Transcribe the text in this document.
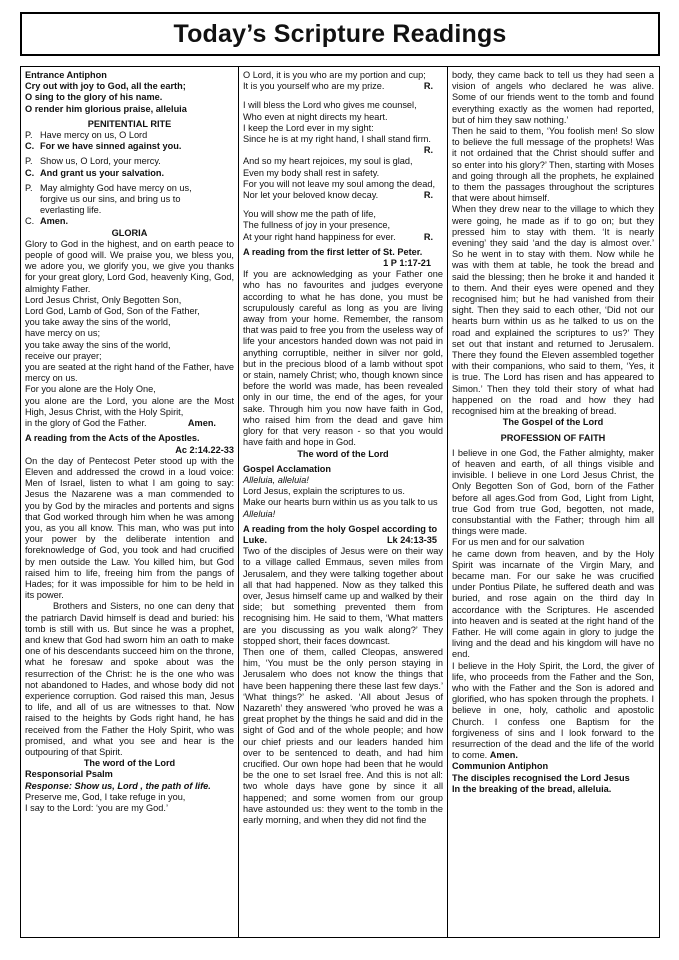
Today’s Scripture Readings

Entrance Antiphon

Cry out with joy to God, all the earth;

O sing to the glory of his name.

O render him glorious praise, alleluia

PENITENTIAL RITE

P. Have mercy on us, O Lord
C. For we have sinned against you.
P. Show us, O Lord, your mercy.
C. And grant us your salvation.
P. May almighty God have mercy on us,
forgive us our sins, and bring us to
everlasting life.
C. Amen.

GLORIA

Glory to God in the highest, and on earth peace to people of good will. We praise you, we bless you, we adore you, we glorify you, we give you thanks for your great glory, Lord God, heavenly King, God, almighty Father.

Lord Jesus Christ, Only Begotten Son,

Lord God, Lamb of God, Son of the Father,

you take away the sins of the world,

have mercy on us;

you take away the sins of the world,

receive our prayer;

you are seated at the right hand of the Father, have mercy on us.

For you alone are the Holy One,

you alone are the Lord, you alone are the Most High, Jesus Christ, with the Holy Spirit,

in the glory of God the Father.	Amen.

A reading from the Acts of the Apostles.

Ac 2:14.22-33

On the day of Pentecost Peter stood up with the Eleven and addressed the crowd in a loud voice: Men of Israel, listen to what I am going to say: Jesus the Nazarene was a man commended to you by God by the miracles and portents and signs that God worked through him when he was among you, as you all know. This man, who was put into your power by the deliberate intention and foreknowledge of God, you took and had crucified by men outside the Law. You killed him, but God raised him to life, freeing him from the pangs of Hades; for it was impossible for him to be held in its power.

Brothers and Sisters, no one can deny that the patriarch David himself is dead and buried: his tomb is still with us. But since he was a prophet, and knew that God had sworn him an oath to make one of his descendants succeed him on the throne, what he foresaw and spoke about was the resurrection of the Christ: he is the one who was not abandoned to Hades, and whose body did not experience corruption. God raised this man, Jesus to life, and all of us are witnesses to that. Now raised to the heights by Gods right hand, he has received from the Father the Holy Spirit, who was promised, and what you see and hear is the outpouring of that Spirit.

The word of the Lord

Responsorial Psalm

Response: Show us, Lord , the path of life.

Preserve me, God, I take refuge in you,

I say to the Lord: ‘you are my God.’

O Lord, it is you who are my portion and cup;

It is you yourself who are my prize.	R.

I will bless the Lord who gives me counsel,

Who even at night directs my heart.

I keep the Lord ever in my sight:

Since he is at my right hand, I shall stand firm.

R.

And so my heart rejoices, my soul is glad,

Even my body shall rest in safety.

For you will not leave my soul among the dead,

Nor let your beloved know decay.	R.

You will show me the path of life,

The fullness of joy in your presence,

At your right hand happiness for ever.	R.

A reading from the first letter of St. Peter.

1 P 1:17-21

If you are acknowledging as your Father one who has no favourites and judges everyone according to what he has done, you must be scrupulously careful as long as you are living away from your home. Remember, the ransom that was paid to free you from the useless way of life your ancestors handed down was not paid in anything corruptible, neither in silver nor gold, but in the precious blood of a lamb without spot or stain, namely Christ; who, though known since before the world was made, has been revealed only in our time, the end of the ages, for your sake. Through him you now have faith in God, who raised him from the dead and gave him glory for that very reason - so that you would have faith and hope in God.

The word of the Lord

Gospel Acclamation

Alleluia, alleluia!

Lord Jesus, explain the scriptures to us.

Make our hearts burn within us as you talk to us

Alleluia!

A reading from the holy Gospel according to Luke.	Lk 24:13-35

Two of the disciples of Jesus were on their way to a village called Emmaus, seven miles from Jerusalem, and they were talking together about all that had happened. Now as they talked this over, Jesus himself came up and walked by their side; but something prevented them from recognising him. He said to them, ‘What matters are you discussing as you walk along?’ They stopped short, their faces downcast.

Then one of them, called Cleopas, answered him, ‘You must be the only person staying in Jerusalem who does not know the things that have been happening there these last few days.’ ‘What things?’ he asked. ‘All about Jesus of Nazareth’ they answered ‘who proved he was a great prophet by the things he said and did in the sight of God and of the whole people; and how our chief priests and our leaders handed him over to be sentenced to death, and had him crucified. Our own hope had been that he would be the one to set Israel free. And this is not all: two whole days have gone by since it all happened; and some women from our group have astounded us: they went to the tomb in the early morning, and when they did not find the

body, they came back to tell us they had seen a vision of angels who declared he was alive. Some of our friends went to the tomb and found everything exactly as the women had reported, but of him they saw nothing.’

Then he said to them, ‘You foolish men! So slow to believe the full message of the prophets! Was it not ordained that the Christ should suffer and so enter into his glory?’ Then, starting with Moses and going through all the prophets, he explained to them the passages throughout the scriptures that were about himself.

When they drew near to the village to which they were going, he made as if to go on; but they pressed him to stay with them. ‘It is nearly evening’ they said ‘and the day is almost over.’ So he went in to stay with them. Now while he was with them at table, he took the bread and said the blessing; then he broke it and handed it to them. And their eyes were opened and they recognised him; but he had vanished from their sight. Then they said to each other, ‘Did not our hearts burn within us as he talked to us on the road and explained the scriptures to us?’ They set out that instant and returned to Jerusalem. There they found the Eleven assembled together with their companions, who said to them, ‘Yes, it is true. The Lord has risen and has appeared to Simon.’ Then they told their story of what had happened on the road and how they had recognised him at the breaking of bread.

The Gospel of the Lord

PROFESSION OF FAITH

I believe in one God, the Father almighty, maker of heaven and earth, of all things visible and invisible. I believe in one Lord Jesus Christ, the Only Begotten Son of God, born of the Father before all ages.God from God, Light from Light, true God from true God, begotten, not made, consubstantial with the Father; through him all things were made.

For us men and for our salvation

he came down from heaven, and by the Holy Spirit was incarnate of the Virgin Mary, and became man. For our sake he was crucified under Pontius Pilate, he suffered death and was buried, and rose again on the third day In accordance with the Scriptures. He ascended into heaven and is seated at the right hand of the Father. He will come again in glory to judge the living and the dead and his kingdom will have no end.

I believe in the Holy Spirit, the Lord, the giver of life, who proceeds from the Father and the Son, who with the Father and the Son is adored and glorified, who has spoken through the prophets. I believe in one, holy, catholic and apostolic Church. I confess one Baptism for the forgiveness of sins and I look forward to the resurrection of the dead and the life of the world to come. Amen.

Communion Antiphon

The disciples recognised the Lord Jesus

In the breaking of the bread, alleluia.
